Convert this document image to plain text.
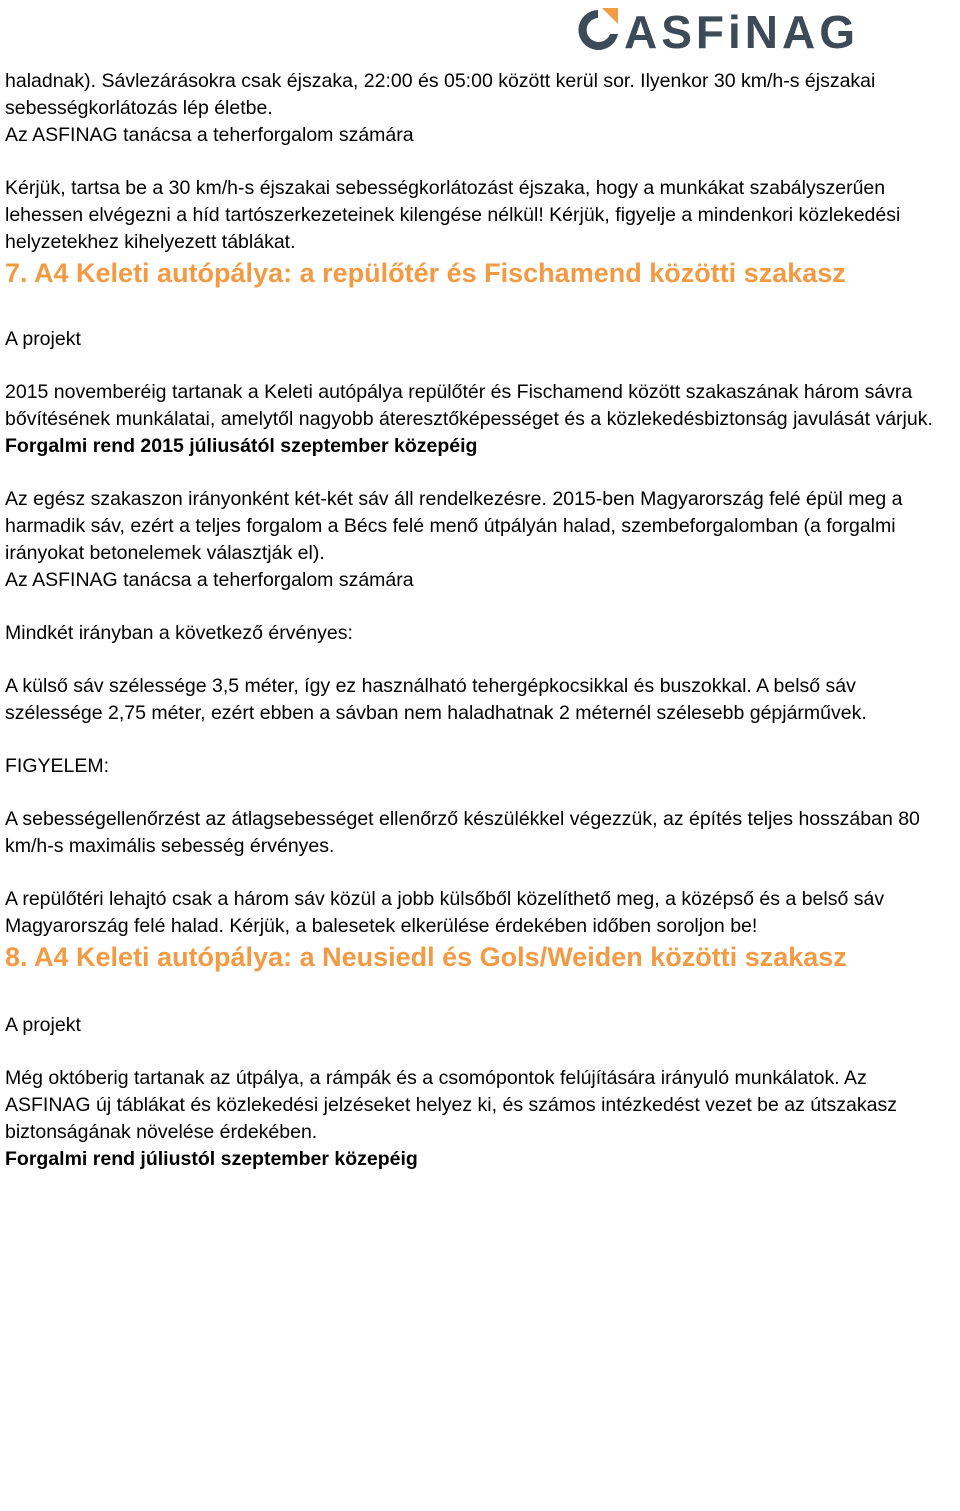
ASFiNAG

haladnak). Sávlezárásokra csak éjszaka, 22:00 és 05:00 között kerül sor. Ilyenkor 30 km/h-s éjszakai sebességkorlátozás lép életbe.

Az ASFINAG tanácsa a teherforgalom számára

Kérjük, tartsa be a 30 km/h-s éjszakai sebességkorlátozást éjszaka, hogy a munkákat szabályszerűen lehessen elvégezni a híd tartószerkezeteinek kilengése nélkül! Kérjük, figyelje a mindenkori közlekedési helyzetekhez kihelyezett táblákat.

7. A4 Keleti autópálya: a repülőtér és Fischamend közötti szakasz

A projekt

2015 novemberéig tartanak a Keleti autópálya repülőtér és Fischamend között szakaszának három sávra bővítésének munkálatai, amelytől nagyobb áteresztőképességet és a közlekedésbiztonság javulását várjuk.

Forgalmi rend 2015 júliusától szeptember közepéig

Az egész szakaszon irányonként két-két sáv áll rendelkezésre. 2015-ben Magyarország felé épül meg a harmadik sáv, ezért a teljes forgalom a Bécs felé menő útpályán halad, szembeforgalomban (a forgalmi irányokat betonelemek választják el).

Az ASFINAG tanácsa a teherforgalom számára

Mindkét irányban a következő érvényes:

A külső sáv szélessége 3,5 méter, így ez használható tehergépkocsikkal és buszokkal. A belső sáv szélessége 2,75 méter, ezért ebben a sávban nem haladhatnak 2 méternél szélesebb gépjárművek.

FIGYELEM:

A sebességellenőrzést az átlagsebességet ellenőrző készülékkel végezzük, az építés teljes hosszában 80 km/h-s maximális sebesség érvényes.

A repülőtéri lehajtó csak a három sáv közül a jobb külsőből közelíthető meg, a középső és a belső sáv Magyarország felé halad. Kérjük, a balesetek elkerülése érdekében időben soroljon be!

8. A4 Keleti autópálya: a Neusiedl és Gols/Weiden közötti szakasz

A projekt

Még októberig tartanak az útpálya, a rámpák és a csomópontok felújítására irányuló munkálatok. Az ASFINAG új táblákat és közlekedési jelzéseket helyez ki, és számos intézkedést vezet be az útszakasz biztonságának növelése érdekében.

Forgalmi rend júliustól szeptember közepéig
